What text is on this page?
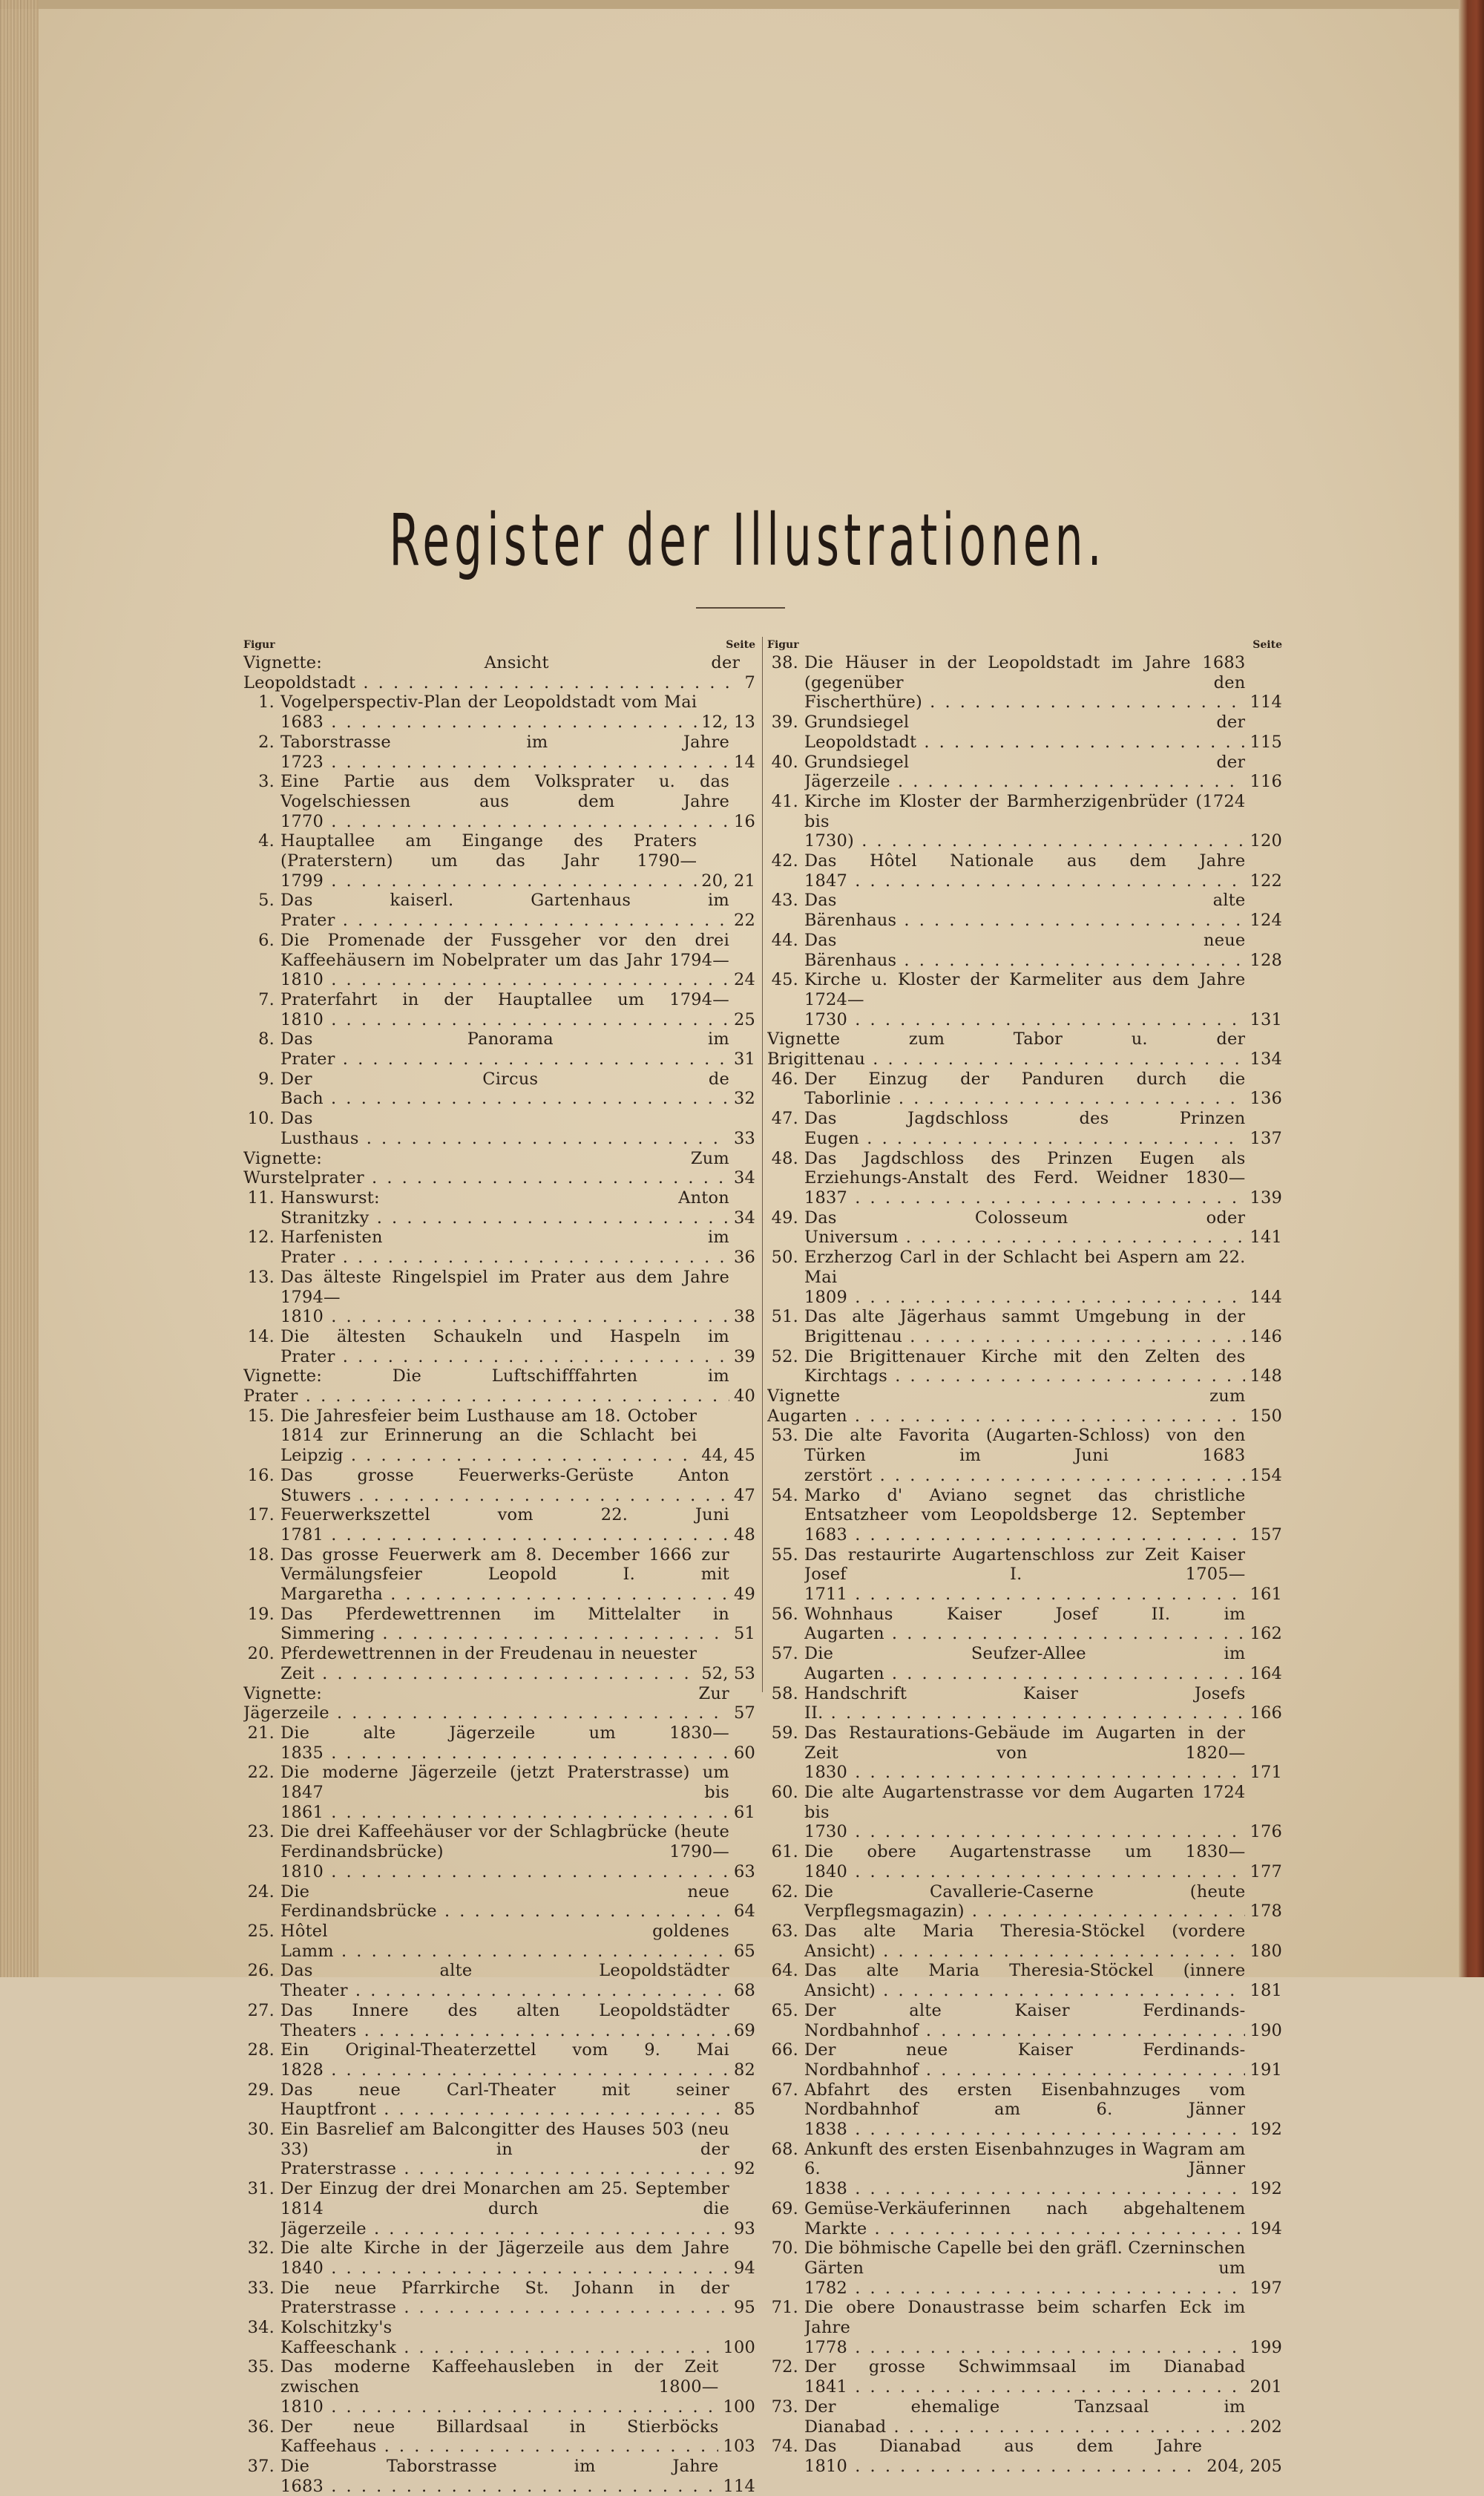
Register der Illustrationen.
Figur	Seite
Vignette: Ansicht der Leopoldstadt . . .	7
1. Vogelperspectiv-Plan der Leopoldstadt vom Mai 1683 . . .	12, 13
2. Taborstrasse im Jahre 1723 . . .	14
3. Eine Partie aus dem Volksprater u. das Vogelschiessen aus dem Jahre 1770 . . .	16
4. Hauptallee am Eingange des Praters (Praterstern) um das Jahr 1790—1799 . . .	20, 21
5. Das kaiserl. Gartenhaus im Prater . . .	22
6. Die Promenade der Fussgeher vor den drei Kaffeehäusern im Nobelprater um das Jahr 1794—1810 . . .	24
7. Praterfahrt in der Hauptallee um 1794—1810 . . .	25
8. Das Panorama im Prater . . .	31
9. Der Circus de Bach . . .	32
10. Das Lusthaus . . .	33
Vignette: Zum Wurstelprater . . .	34
11. Hanswurst: Anton Stranitzky . . .	34
12. Harfenisten im Prater . . .	36
13. Das älteste Ringelspiel im Prater aus dem Jahre 1794—1810 . . .	38
14. Die ältesten Schaukeln und Haspeln im Prater . . .	39
Vignette: Die Luftschifffahrten im Prater . . .	40
15. Die Jahresfeier beim Lusthause am 18. October 1814 zur Erinnerung an die Schlacht bei Leipzig . . .	44, 45
16. Das grosse Feuerwerks-Gerüste Anton Stuwers . . .	47
17. Feuerwerkszettel vom 22. Juni 1781 . . .	48
18. Das grosse Feuerwerk am 8. December 1666 zur Vermälungsfeier Leopold I. mit Margaretha . . .	49
19. Das Pferdewettrennen im Mittelalter in Simmering . . .	51
20. Pferdewettrennen in der Freudenau in neuester Zeit . . .	52, 53
Vignette: Zur Jägerzeile . . .	57
21. Die alte Jägerzeile um 1830—1835 . . .	60
22. Die moderne Jägerzeile (jetzt Praterstrasse) um 1847 bis 1861 . . .	61
23. Die drei Kaffeehäuser vor der Schlagbrücke (heute Ferdinandsbrücke) 1790—1810 . . .	63
24. Die neue Ferdinandsbrücke . . .	64
25. Hôtel goldenes Lamm . . .	65
26. Das alte Leopoldstädter Theater . . .	68
27. Das Innere des alten Leopoldstädter Theaters . . .	69
28. Ein Original-Theaterzettel vom 9. Mai 1828 . . .	82
29. Das neue Carl-Theater mit seiner Hauptfront . . .	85
30. Ein Basrelief am Balcongitter des Hauses 503 (neu 33) in der Praterstrasse . . .	92
31. Der Einzug der drei Monarchen am 25. September 1814 durch die Jägerzeile . . .	93
32. Die alte Kirche in der Jägerzeile aus dem Jahre 1840 . . .	94
33. Die neue Pfarrkirche St. Johann in der Praterstrasse . . .	95
34. Kolschitzky's Kaffeeschank . . .	100
35. Das moderne Kaffeehausleben in der Zeit zwischen 1800—1810 . . .	100
36. Der neue Billardsaal in Stierböcks Kaffeehaus . . .	103
37. Die Taborstrasse im Jahre 1683 . . .	114
Figur	Seite
38. Die Häuser in der Leopoldstadt im Jahre 1683 (gegenüber den Fischerthüre) . . .	114
39. Grundsiegel der Leopoldstadt . . .	115
40. Grundsiegel der Jägerzeile . . .	116
41. Kirche im Kloster der Barmherzigenbrüder (1724 bis 1730) . . .	120
42. Das Hôtel Nationale aus dem Jahre 1847 . . .	122
43. Das alte Bärenhaus . . .	124
44. Das neue Bärenhaus . . .	128
45. Kirche u. Kloster der Karmeliter aus dem Jahre 1724—1730 . . .	131
Vignette zum Tabor u. der Brigittenau . . .	134
46. Der Einzug der Panduren durch die Taborlinie . . .	136
47. Das Jagdschloss des Prinzen Eugen . . .	137
48. Das Jagdschloss des Prinzen Eugen als Erziehungs-Anstalt des Ferd. Weidner 1830—1837 . . .	139
49. Das Colosseum oder Universum . . .	141
50. Erzherzog Carl in der Schlacht bei Aspern am 22. Mai 1809 . . .	144
51. Das alte Jägerhaus sammt Umgebung in der Brigittenau . . .	146
52. Die Brigittenauer Kirche mit den Zelten des Kirchtags . . .	148
Vignette zum Augarten . . .	150
53. Die alte Favorita (Augarten-Schloss) von den Türken im Juni 1683 zerstört . . .	154
54. Marko d' Aviano segnet das christliche Entsatzheer vom Leopoldsberge 12. September 1683 . . .	157
55. Das restaurirte Augartenschloss zur Zeit Kaiser Josef I. 1705—1711 . . .	161
56. Wohnhaus Kaiser Josef II. im Augarten . . .	162
57. Die Seufzer-Allee im Augarten . . .	164
58. Handschrift Kaiser Josefs II. . . .	166
59. Das Restaurations-Gebäude im Augarten in der Zeit von 1820—1830 . . .	171
60. Die alte Augartenstrasse vor dem Augarten 1724 bis 1730 . . .	176
61. Die obere Augartenstrasse um 1830—1840 . . .	177
62. Die Cavallerie-Caserne (heute Verpflegsmagazin) . . .	178
63. Das alte Maria Theresia-Stöckel (vordere Ansicht) . . .	180
64. Das alte Maria Theresia-Stöckel (innere Ansicht) . . .	181
65. Der alte Kaiser Ferdinands-Nordbahnhof . . .	190
66. Der neue Kaiser Ferdinands-Nordbahnhof . . .	191
67. Abfahrt des ersten Eisenbahnzuges vom Nordbahnhof am 6. Jänner 1838 . . .	192
68. Ankunft des ersten Eisenbahnzuges in Wagram am 6. Jänner 1838 . . .	192
69. Gemüse-Verkäuferinnen nach abgehaltenem Markte . . .	194
70. Die böhmische Capelle bei den gräfl. Czerninschen Gärten um 1782 . . .	197
71. Die obere Donaustrasse beim scharfen Eck im Jahre 1778 . . .	199
72. Der grosse Schwimmsaal im Dianabad 1841 . . .	201
73. Der ehemalige Tanzsaal im Dianabad . . .	202
74. Das Dianabad aus dem Jahre 1810 . . .	204, 205
